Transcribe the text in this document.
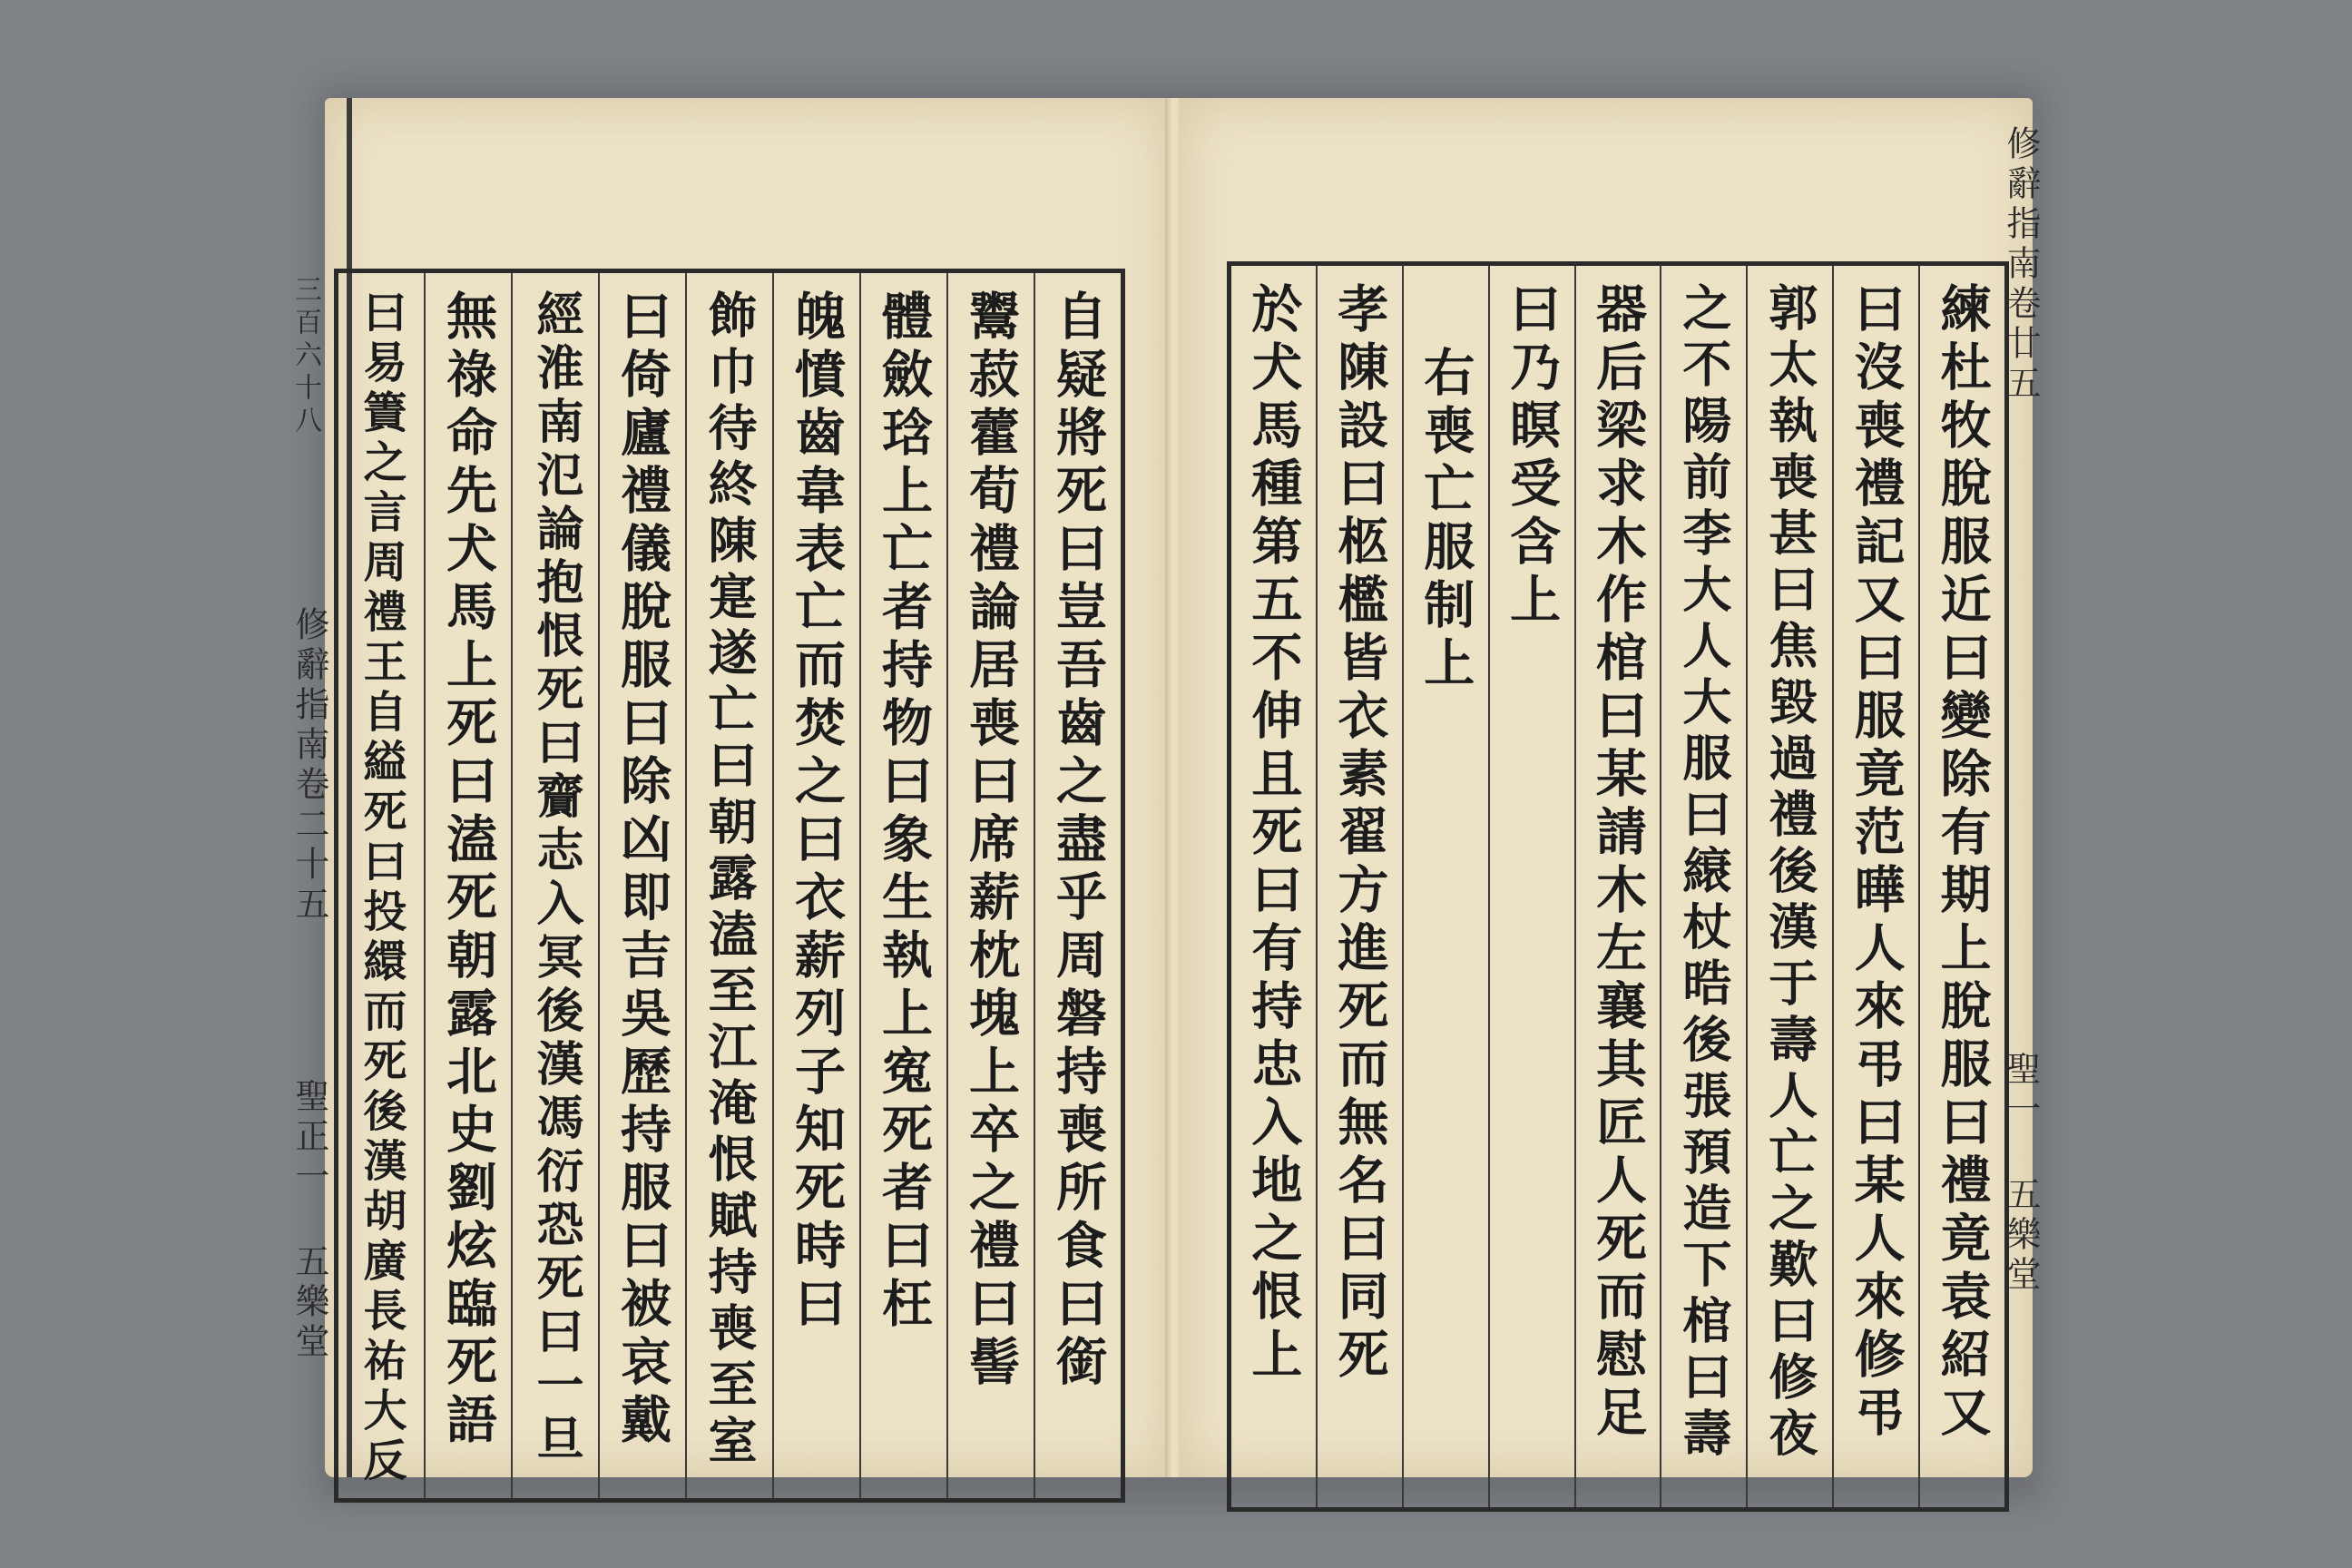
三百六十八
修辭指南卷二十五
聖正一 五樂堂	自疑將死曰豈吾齒之盡乎周磐持喪所食曰銜
鬻菽藿荀禮論居喪曰席薪枕塊上卒之禮曰髻
體斂琀上亡者持物曰象生執上寃死者曰枉
魄憤齒韋表亡而焚之曰衣薪列子知死時曰
飾巾待終陳寔遂亡曰朝露溘至江淹恨賦持喪至室
曰倚廬禮儀脫服曰除凶即吉吳歷持服曰被哀戴
經淮南氾論抱恨死曰齎志入冥後漢馮衍恐死曰一旦
無祿命先犬馬上死曰溘死朝露北史劉炫臨死語
曰易簀之言周禮王自縊死曰投繯而死後漢胡廣長祐大反
修辭指南卷廿五
聖一 五樂堂
練杜牧脫服近曰變除有期上脫服曰禮竟袁紹又
曰沒喪禮記又曰服竟范曄人來弔曰某人來修弔
郭太執喪甚曰焦毀過禮後漢于壽人亡之歎曰修夜
之不陽前李大人大服曰縗杖晧後張預造下棺曰壽
器后梁求木作棺曰某請木左襄其匠人死而慰足
曰乃瞑受含上
右喪亡服制上
孝陳設曰柩檻皆衣素翟方進死而無名曰同死
於犬馬種第五不伸且死曰有持忠入地之恨上
